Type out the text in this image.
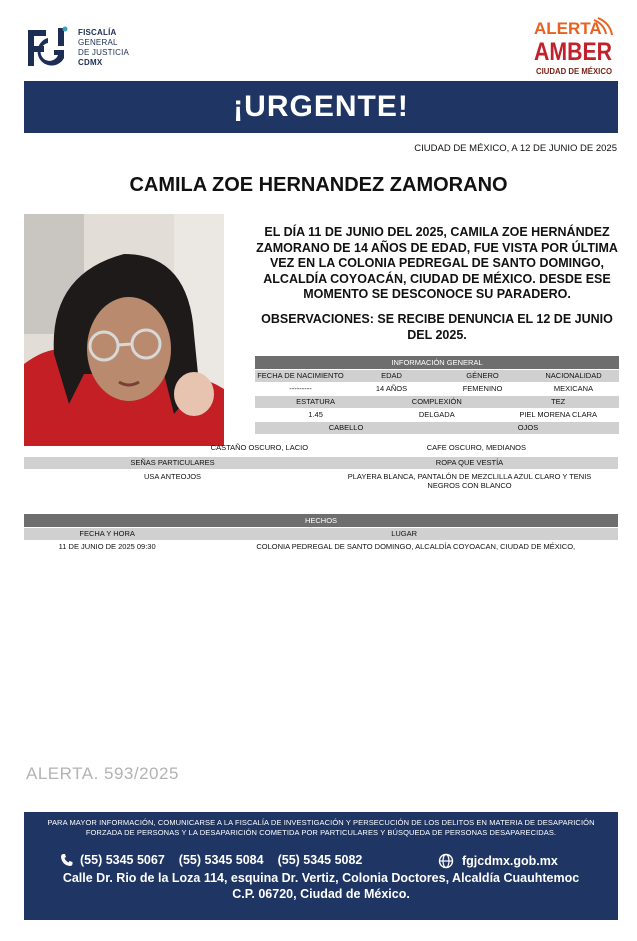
FISCALÍA
GENERAL
DE JUSTICIA
CDMX
ALERTA
AMBER
CIUDAD DE MÉXICO
¡URGENTE!
CIUDAD DE MÉXICO, A 12 DE JUNIO DE 2025
CAMILA ZOE HERNANDEZ ZAMORANO
EL DÍA 11 DE JUNIO DEL 2025, CAMILA ZOE HERNÁNDEZ ZAMORANO DE 14 AÑOS DE EDAD, FUE VISTA POR ÚLTIMA VEZ EN LA COLONIA PEDREGAL DE SANTO DOMINGO, ALCALDÍA COYOACÁN, CIUDAD DE MÉXICO. DESDE ESE MOMENTO SE DESCONOCE SU PARADERO.
OBSERVACIONES: SE RECIBE DENUNCIA EL 12 DE JUNIO DEL 2025.
INFORMACIÓN GENERAL
FECHA DE NACIMIENTO	EDAD	GÉNERO	NACIONALIDAD
---------	14 AÑOS	FEMENINO	MEXICANA
ESTATURA	COMPLEXIÓN	TEZ
1.45	DELGADA	PIEL MORENA CLARA
CABELLO	OJOS
CASTAÑO OSCURO, LACIO	CAFE OSCURO, MEDIANOS
SEÑAS PARTICULARES	ROPA QUE VESTÍA
USA ANTEOJOS	PLAYERA BLANCA, PANTALÓN DE MEZCLILLA AZUL CLARO Y TENIS NEGROS CON BLANCO
HECHOS
FECHA Y HORA	LUGAR
11 DE JUNIO DE 2025 09:30	COLONIA PEDREGAL DE SANTO DOMINGO, ALCALDÍA COYOACAN, CIUDAD DE MÉXICO,
ALERTA. 593/2025
PARA MAYOR INFORMACIÓN, COMUNICARSE A LA FISCALÍA DE INVESTIGACIÓN Y PERSECUCIÓN DE LOS DELITOS EN MATERIA DE DESAPARICIÓN FORZADA DE PERSONAS Y LA DESAPARICIÓN COMETIDA POR PARTICULARES Y BÚSQUEDA DE PERSONAS DESAPARECIDAS.
(55) 5345 5067 (55) 5345 5084 (55) 5345 5082	fgjcdmx.gob.mx
Calle Dr. Rio de la Loza 114, esquina Dr. Vertiz, Colonia Doctores, Alcaldía Cuauhtemoc
C.P. 06720, Ciudad de México.
